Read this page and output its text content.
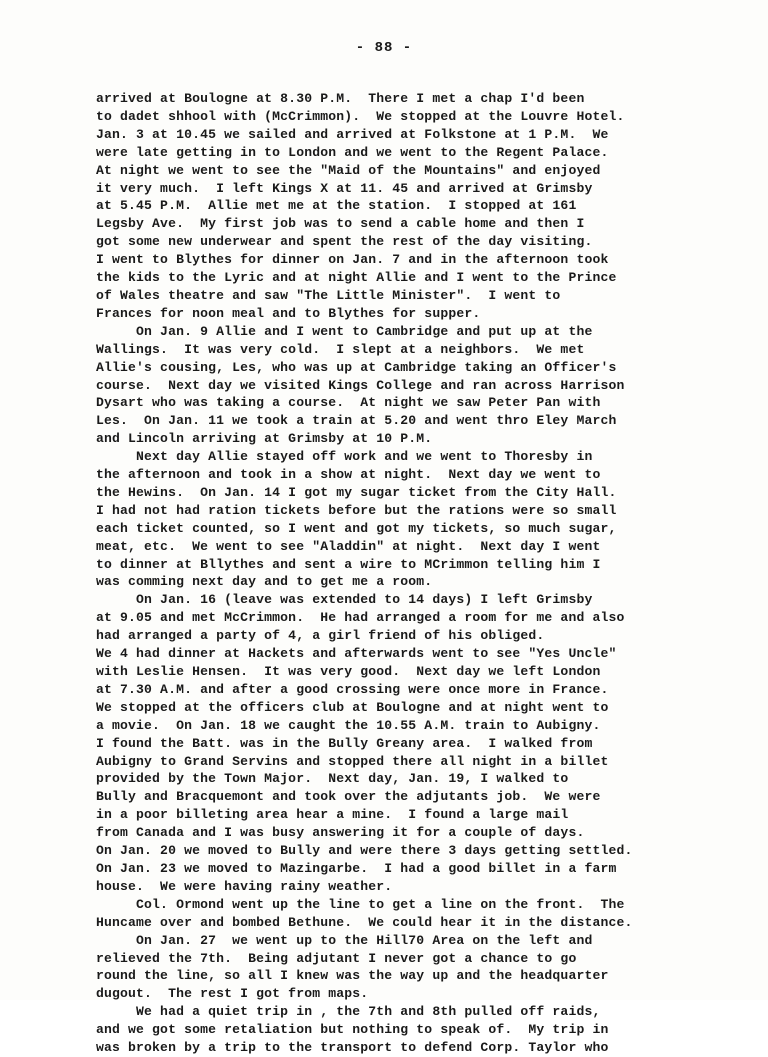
- 88 -
arrived at Boulogne at 8.30 P.M.  There I met a chap I'd been
to dadet shhool with (McCrimmon).  We stopped at the Louvre Hotel.
Jan. 3 at 10.45 we sailed and arrived at Folkstone at 1 P.M.  We
were late getting in to London and we went to the Regent Palace.
At night we went to see the "Maid of the Mountains" and enjoyed
it very much.  I left Kings X at 11. 45 and arrived at Grimsby
at 5.45 P.M.  Allie met me at the station.  I stopped at 161
Legsby Ave.  My first job was to send a cable home and then I
got some new underwear and spent the rest of the day visiting.
I went to Blythes for dinner on Jan. 7 and in the afternoon took
the kids to the Lyric and at night Allie and I went to the Prince
of Wales theatre and saw "The Little Minister".  I went to
Frances for noon meal and to Blythes for supper.
On Jan. 9 Allie and I went to Cambridge and put up at the
Wallings.  It was very cold.  I slept at a neighbors.  We met
Allie's cousing, Les, who was up at Cambridge taking an Officer's
course.  Next day we visited Kings College and ran across Harrison
Dysart who was taking a course.  At night we saw Peter Pan with
Les.  On Jan. 11 we took a train at 5.20 and went thro Eley March
and Lincoln arriving at Grimsby at 10 P.M.
Next day Allie stayed off work and we went to Thoresby in
the afternoon and took in a show at night.  Next day we went to
the Hewins.  On Jan. 14 I got my sugar ticket from the City Hall.
I had not had ration tickets before but the rations were so small
each ticket counted, so I went and got my tickets, so much sugar,
meat, etc.  We went to see "Aladdin" at night.  Next day I went
to dinner at Bllythes and sent a wire to MCrimmon telling him I
was comming next day and to get me a room.
On Jan. 16 (leave was extended to 14 days) I left Grimsby
at 9.05 and met McCrimmon.  He had arranged a room for me and also
had arranged a party of 4, a girl friend of his obliged.
We 4 had dinner at Hackets and afterwards went to see "Yes Uncle"
with Leslie Hensen.  It was very good.  Next day we left London
at 7.30 A.M. and after a good crossing were once more in France.
We stopped at the officers club at Boulogne and at night went to
a movie.  On Jan. 18 we caught the 10.55 A.M. train to Aubigny.
I found the Batt. was in the Bully Greany area.  I walked from
Aubigny to Grand Servins and stopped there all night in a billet
provided by the Town Major.  Next day, Jan. 19, I walked to
Bully and Bracquemont and took over the adjutants job.  We were
in a poor billeting area hear a mine.  I found a large mail
from Canada and I was busy answering it for a couple of days.
On Jan. 20 we moved to Bully and were there 3 days getting settled.
On Jan. 23 we moved to Mazingarbe.  I had a good billet in a farm
house.  We were having rainy weather.
Col. Ormond went up the line to get a line on the front.  The
Huncame over and bombed Bethune.  We could hear it in the distance.
On Jan. 27  we went up to the Hill70 Area on the left and
relieved the 7th.  Being adjutant I never got a chance to go
round the line, so all I knew was the way up and the headquarter
dugout.  The rest I got from maps.
We had a quiet trip in , the 7th and 8th pulled off raids,
and we got some retaliation but nothing to speak of.  My trip in
was broken by a trip to the transport to defend Corp. Taylor who
